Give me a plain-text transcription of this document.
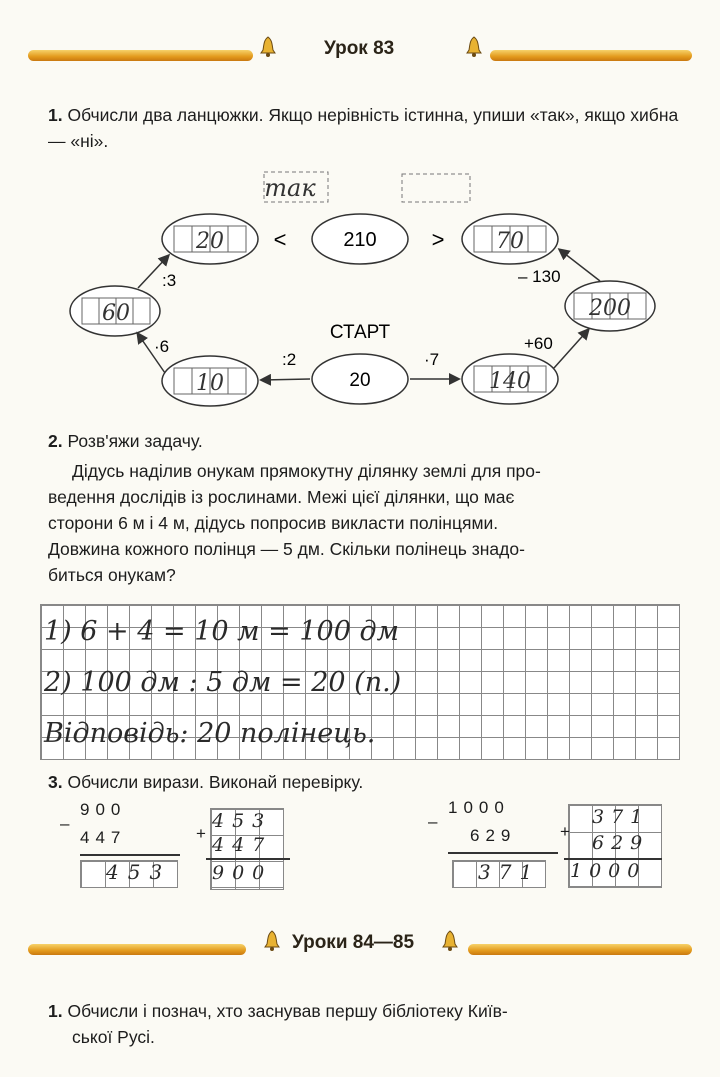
Урок 83
1. Обчисли два ланцюжки. Якщо нерівність істинна, упиши «так», якщо хибна — «ні».
так
210
<	>
СТАРТ
20
20	70
60	200
10	140
:3
·6
:2	·7
+60
– 130
2. Розв'яжи задачу.
Дідусь наділив онукам прямокутну ділянку землі для про-
ведення дослідів із рослинами. Межі цієї ділянки, що має
сторони 6 м і 4 м, дідусь попросив викласти полінцями.
Довжина кожного полінця — 5 дм. Скільки полінець знадо-
биться онукам?
1) 6 + 4 = 10 м = 100 дм
2) 100 дм : 5 дм = 20 (п.)
Відповідь: 20 полінець.
3. Обчисли вирази. Виконай перевірку.
900
–
447
453
453
+
447
900
1000
–
629
371
371
+
629
1000
Уроки 84—85
1. Обчисли і познач, хто заснував першу бібліотеку Київ-
ської Русі.
